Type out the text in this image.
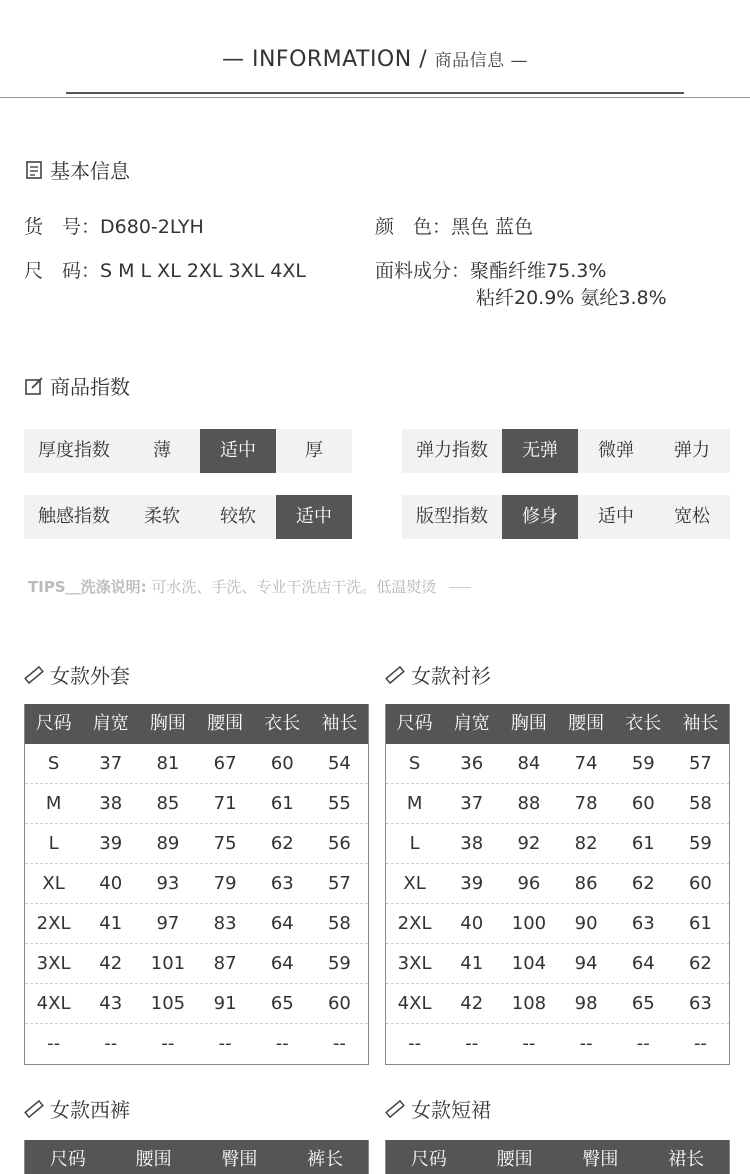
— INFORMATION / 商品信息 —
基本信息
货　号：D680-2LYH	颜　色：黑色 蓝色
尺　码：S M L XL 2XL 3XL 4XL	面料成分：聚酯纤维75.3%
粘纤20.9% 氨纶3.8%
商品指数
厚度指数	薄	适中	厚	弹力指数	无弹	微弹	弹力
触感指数	柔软	较软	适中	版型指数	修身	适中	宽松
TIPS＿洗涤说明: 可水洗、手洗、专业干洗店干洗。低温熨烫
女款外套
尺码	肩宽	胸围	腰围	衣长	袖长
S	37	81	67	60	54
M	38	85	71	61	55
L	39	89	75	62	56
XL	40	93	79	63	57
2XL	41	97	83	64	58
3XL	42	101	87	64	59
4XL	43	105	91	65	60
--	--	--	--	--	--
女款衬衫
尺码	肩宽	胸围	腰围	衣长	袖长
S	36	84	74	59	57
M	37	88	78	60	58
L	38	92	82	61	59
XL	39	96	86	62	60
2XL	40	100	90	63	61
3XL	41	104	94	64	62
4XL	42	108	98	65	63
--	--	--	--	--	--
女款西裤
尺码	腰围	臀围	裤长
女款短裙
尺码	腰围	臀围	裙长
